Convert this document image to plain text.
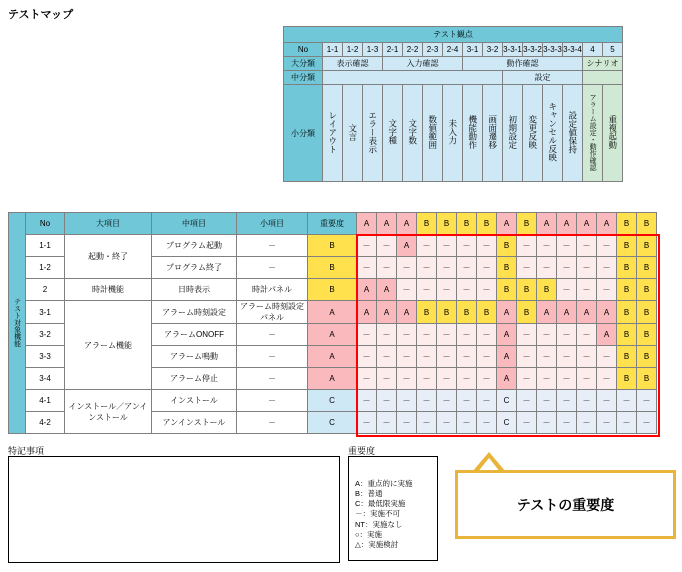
テストマップ
テスト観点															
No	1-1	1-2	1-3	2-1	2-2	2-3	2-4	3-1	3-2	3-3-1	3-3-2	3-3-3	3-3-4	4	5
大分類	表示確認			入力確認				動作確認						シナリオ	
中分類										設定					
小分類	レイアウト	文言	エラー表示	文字種	文字数	数値範囲	未入力	機能動作	画面遷移	初期設定	変更反映	キャンセル反映	設定値保持	アラーム設定・動作確認	重複起動
テスト対象機能	No	大項目	中項目	小項目	重要度	A	A	A	B	B	B	B	A	B	A	A	A	A	B	B
	1-1	起動・終了	プログラム起動	－	B	－	－	A	－	－	－	－	B	－	－	－	－	－	B	B
	1-2		プログラム終了	－	B	－	－	－	－	－	－	－	B	－	－	－	－	－	B	B
	2	時計機能	日時表示	時計パネル	B	A	A	－	－	－	－	－	B	B	B	－	－	－	B	B
	3-1	アラーム機能	アラーム時刻設定	アラーム時刻設定パネル	A	A	A	A	B	B	B	B	A	B	A	A	A	A	B	B
	3-2		アラームONOFF	－	A	－	－	－	－	－	－	－	A	－	－	－	－	A	B	B
	3-3		アラーム鳴動	－	A	－	－	－	－	－	－	－	A	－	－	－	－	－	B	B
	3-4		アラーム停止	－	A	－	－	－	－	－	－	－	A	－	－	－	－	－	B	B
	4-1	インストール／アンインストール	インストール	－	C	－	－	－	－	－	－	－	C	－	－	－	－	－	－	－
	4-2		アンインストール	－	C	－	－	－	－	－	－	－	C	－	－	－	－	－	－	－
特記事項	重要度
A：重点的に実施
B：普通
C：最低限実施
－：実施不可
NT：実施なし
○：実施
△：実施検討
テストの重要度
